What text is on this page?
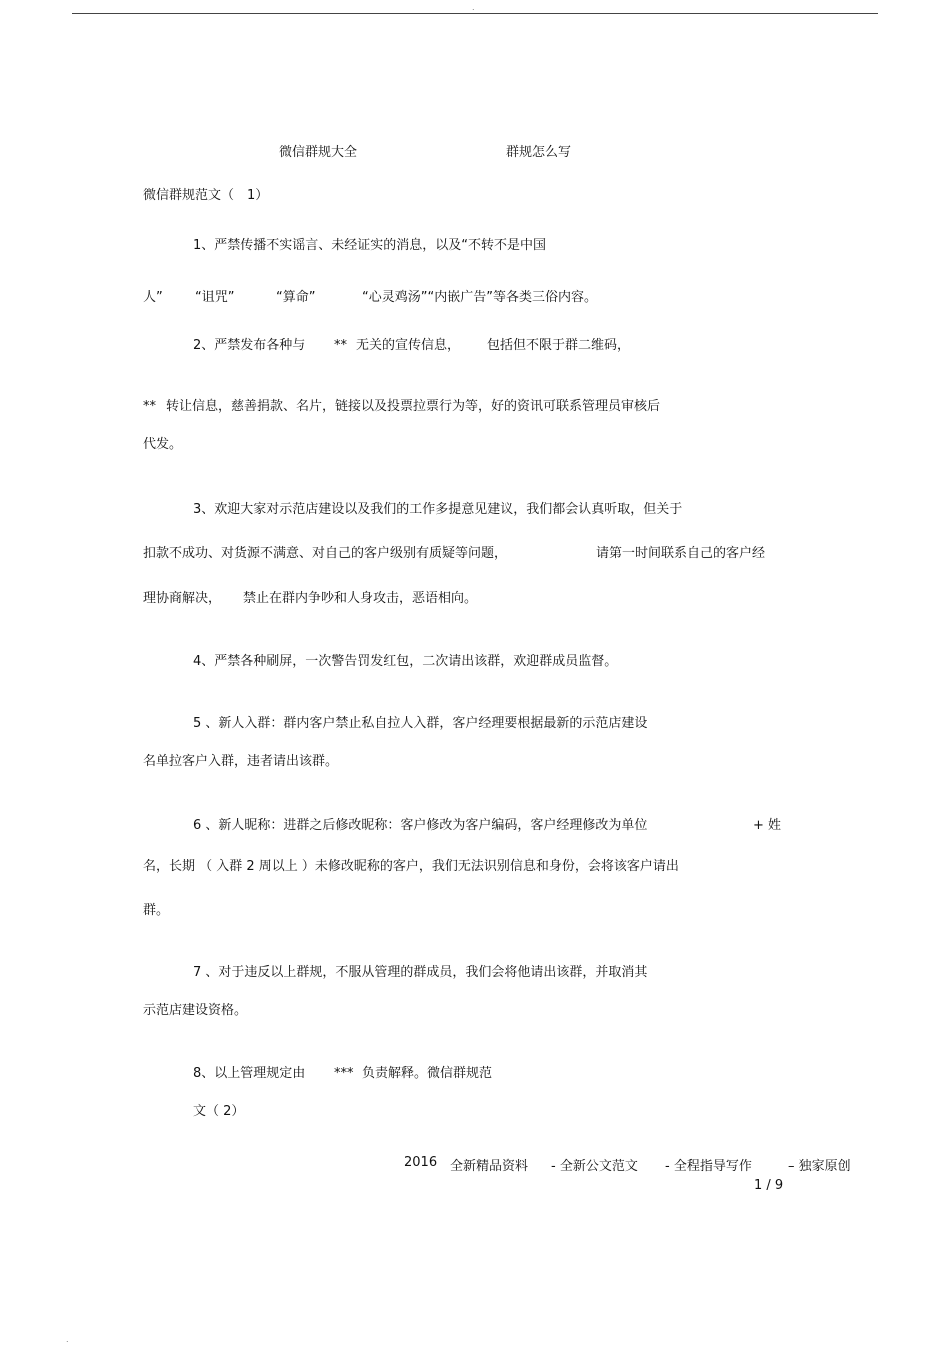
.
微信群规大全	群规怎么写
微信群规范文（　1）
1、严禁传播不实谣言、未经证实的消息，以及“不转不是中国
人” “诅咒”	“算命”	“心灵鸡汤”“内嵌广告”等各类三俗内容。
2、严禁发布各种与 ** 无关的宣传信息， 包括但不限于群二维码，
** 转让信息，慈善捐款、名片，链接以及投票拉票行为等，好的资讯可联系管理员审核后
代发。
3、欢迎大家对示范店建设以及我们的工作多提意见建议，我们都会认真听取，但关于
扣款不成功、对货源不满意、对自己的客户级别有质疑等问题，	请第一时间联系自己的客户经
理协商解决， 禁止在群内争吵和人身攻击，恶语相向。
4、严禁各种刷屏，一次警告罚发红包，二次请出该群，欢迎群成员监督。
5 、新人入群：群内客户禁止私自拉人入群，客户经理要根据最新的示范店建设
名单拉客户入群，违者请出该群。
6 、新人昵称：进群之后修改昵称：客户修改为客户编码，客户经理修改为单位	+ 姓
名，长期 （ 入群 2 周以上 ）未修改昵称的客户，我们无法识别信息和身份，会将该客户请出
群。
7 、对于违反以上群规，不服从管理的群成员，我们会将他请出该群，并取消其
示范店建设资格。
8、以上管理规定由 *** 负责解释。微信群规范
文（ 2）
2016 全新精品资料 - 全新公文范文 - 全程指导写作	– 独家原创
1 / 9
.
